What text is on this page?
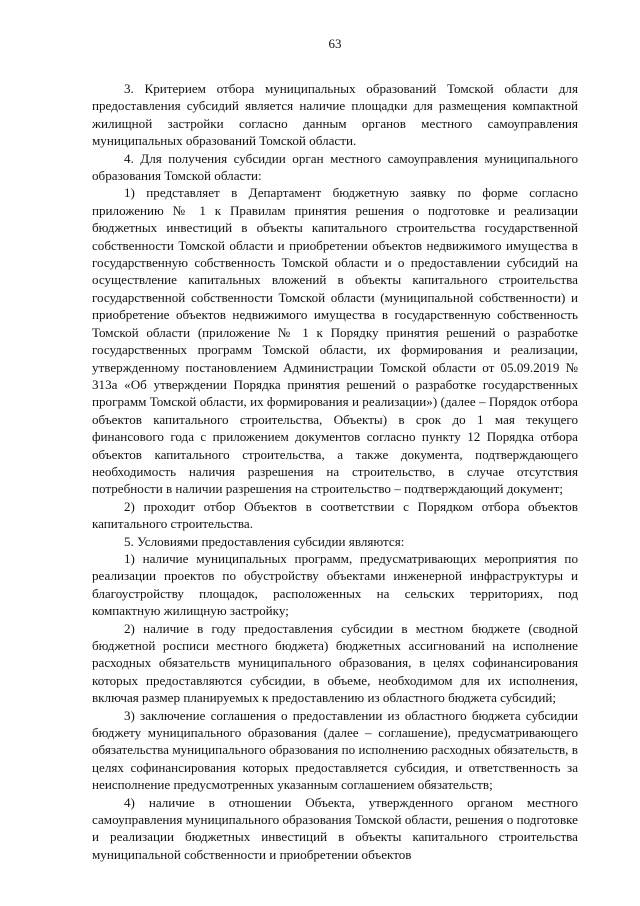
63

3. Критерием отбора муниципальных образований Томской области для предоставления субсидий является наличие площадки для размещения компактной жилищной застройки согласно данным органов местного самоуправления муниципальных образований Томской области.

4. Для получения субсидии орган местного самоуправления муниципального образования Томской области:

1) представляет в Департамент бюджетную заявку по форме согласно приложению № 1 к Правилам принятия решения о подготовке и реализации бюджетных инвестиций в объекты капитального строительства государственной собственности Томской области и приобретении объектов недвижимого имущества в государственную собственность Томской области и о предоставлении субсидий на осуществление капитальных вложений в объекты капитального строительства государственной собственности Томской области (муниципальной собственности) и приобретение объектов недвижимого имущества в государственную собственность Томской области (приложение № 1 к Порядку принятия решений о разработке государственных программ Томской области, их формирования и реализации, утвержденному постановлением Администрации Томской области от 05.09.2019 № 313а «Об утверждении Порядка принятия решений о разработке государственных программ Томской области, их формирования и реализации») (далее – Порядок отбора объектов капитального строительства, Объекты) в срок до 1 мая текущего финансового года с приложением документов согласно пункту 12 Порядка отбора объектов капитального строительства, а также документа, подтверждающего необходимость наличия разрешения на строительство, в случае отсутствия потребности в наличии разрешения на строительство – подтверждающий документ;

2) проходит отбор Объектов в соответствии с Порядком отбора объектов капитального строительства.

5. Условиями предоставления субсидии являются:

1) наличие муниципальных программ, предусматривающих мероприятия по реализации проектов по обустройству объектами инженерной инфраструктуры и благоустройству площадок, расположенных на сельских территориях, под компактную жилищную застройку;

2) наличие в году предоставления субсидии в местном бюджете (сводной бюджетной росписи местного бюджета) бюджетных ассигнований на исполнение расходных обязательств муниципального образования, в целях софинансирования которых предоставляются субсидии, в объеме, необходимом для их исполнения, включая размер планируемых к предоставлению из областного бюджета субсидий;

3) заключение соглашения о предоставлении из областного бюджета субсидии бюджету муниципального образования (далее – соглашение), предусматривающего обязательства муниципального образования по исполнению расходных обязательств, в целях софинансирования которых предоставляется субсидия, и ответственность за неисполнение предусмотренных указанным соглашением обязательств;

4) наличие в отношении Объекта, утвержденного органом местного самоуправления муниципального образования Томской области, решения о подготовке и реализации бюджетных инвестиций в объекты капитального строительства муниципальной собственности и приобретении объектов
